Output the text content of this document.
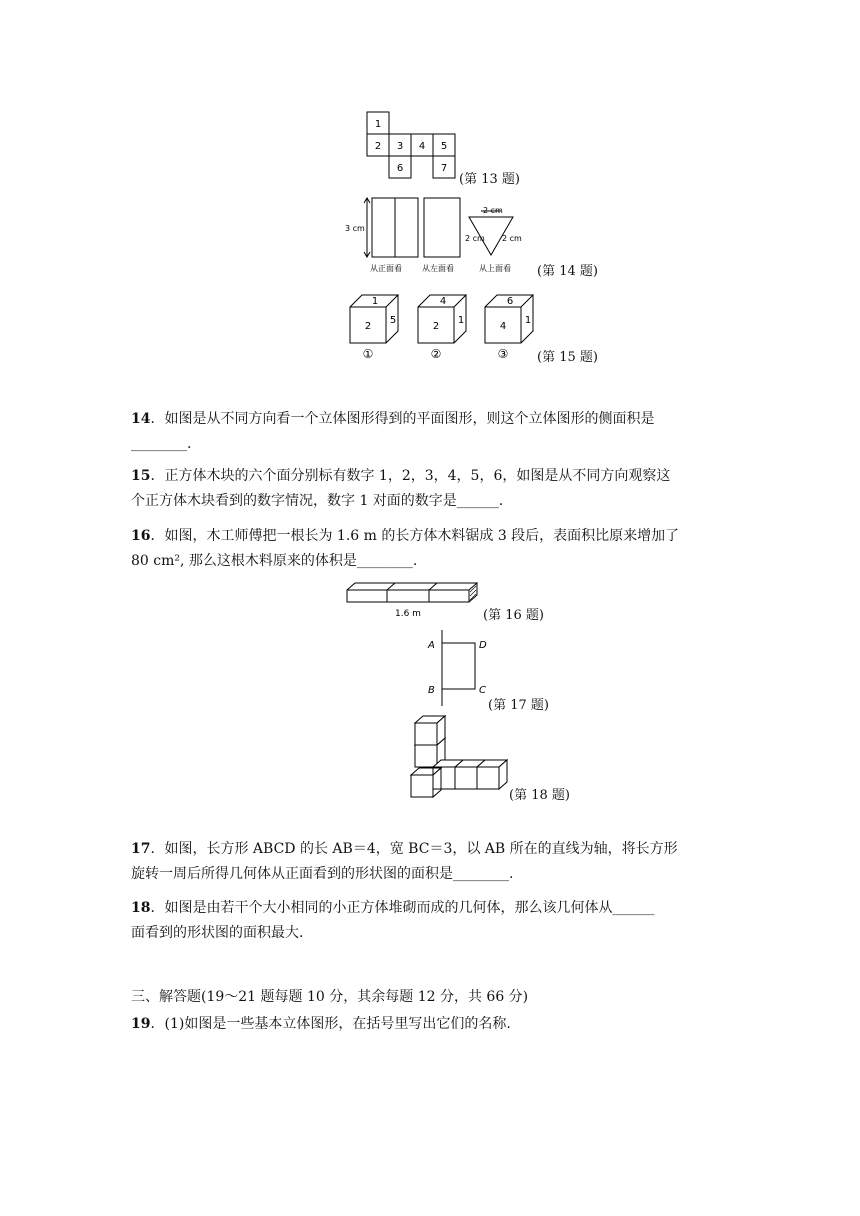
1
2 3 4 5
6	7
(第 13 题)
3 cm
2 cm
2 cm 2 cm
从正面看	从左面看	从上面看 (第 14 题)
1
2
5
①
4
2
1
②
6
4
1
③ (第 15 题)
14．如图是从不同方向看一个立体图形得到的平面图形，则这个立体图形的侧面积是
________.
15．正方体木块的六个面分别标有数字 1，2，3，4，5，6，如图是从不同方向观察这
个正方体木块看到的数字情况，数字 1 对面的数字是______.
16．如图，木工师傅把一根长为 1.6 m 的长方体木料锯成 3 段后，表面积比原来增加了
80 cm², 那么这根木料原来的体积是________.
1.6 m	(第 16 题)
A	D
B	C
(第 17 题)
(第 18 题)
17．如图，长方形 ABCD 的长 AB＝4，宽 BC＝3，以 AB 所在的直线为轴，将长方形
旋转一周后所得几何体从正面看到的形状图的面积是________.
18．如图是由若干个大小相同的小正方体堆砌而成的几何体，那么该几何体从______
面看到的形状图的面积最大.
三、解答题(19～21 题每题 10 分，其余每题 12 分，共 66 分)
19．(1)如图是一些基本立体图形，在括号里写出它们的名称.
